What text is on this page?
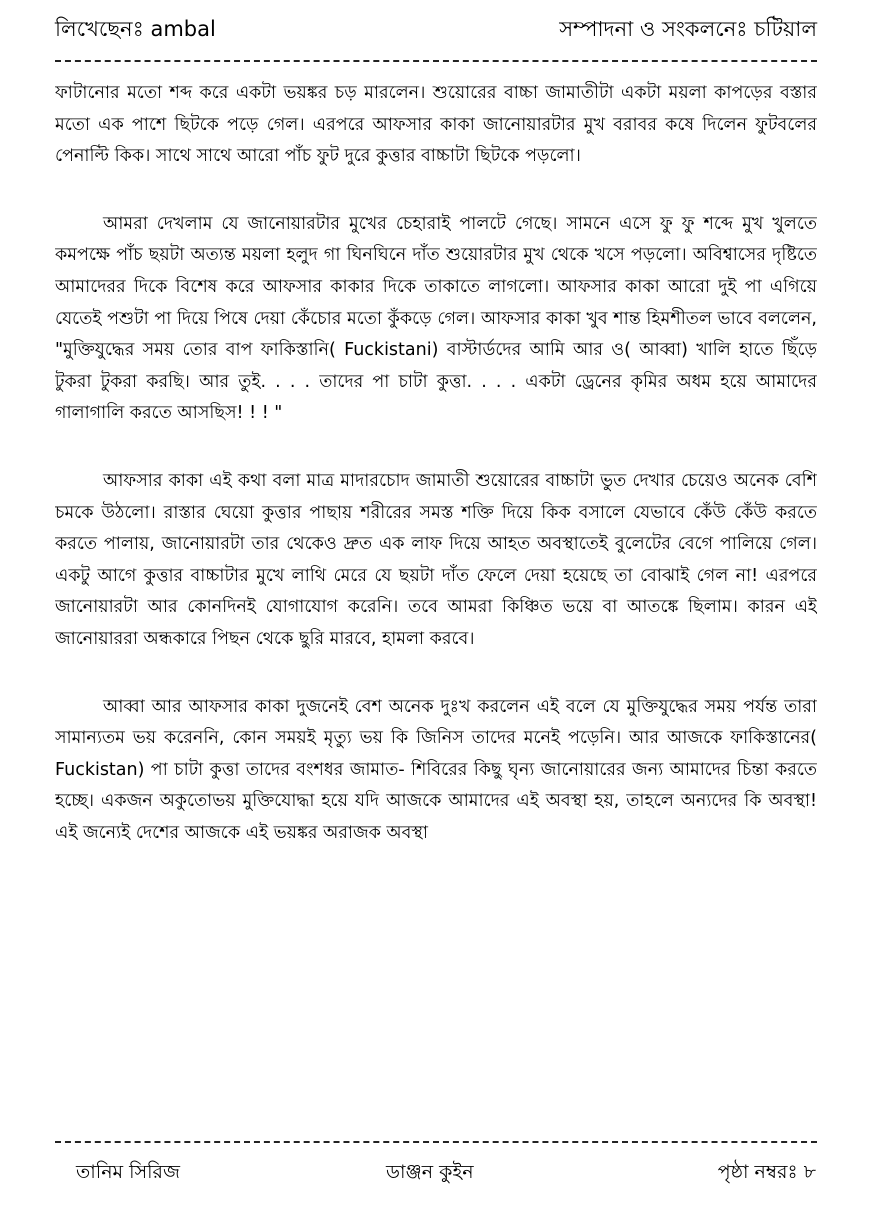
লিখেছেনঃ ambal	সম্পাদনা ও সংকলনেঃ চটিয়াল

ফাটানোর মতো শব্দ করে একটা ভয়ঙ্কর চড় মারলেন। শুয়োরের বাচ্চা জামাতীটা একটা ময়লা কাপড়ের বস্তার মতো এক পাশে ছিটকে পড়ে গেল। এরপরে আফসার কাকা জানোয়ারটার মুখ বরাবর কষে দিলেন ফুটবলের পেনাল্টি কিক। সাথে সাথে আরো পাঁচ ফুট দুরে কুত্তার বাচ্চাটা ছিটকে পড়লো।

আমরা দেখলাম যে জানোয়ারটার মুখের চেহারাই পালটে গেছে। সামনে এসে ফু ফু শব্দে মুখ খুলতে কমপক্ষে পাঁচ ছয়টা অত্যন্ত ময়লা হলুদ গা ঘিনঘিনে দাঁত শুয়োরটার মুখ থেকে খসে পড়লো। অবিশ্বাসের দৃষ্টিতে আমাদেরর দিকে বিশেষ করে আফসার কাকার দিকে তাকাতে লাগলো। আফসার কাকা আরো দুই পা এগিয়ে যেতেই পশুটা পা দিয়ে পিষে দেয়া কেঁচোর মতো কুঁকড়ে গেল। আফসার কাকা খুব শান্ত হিমশীতল ভাবে বললেন, "মুক্তিযুদ্ধের সময় তোর বাপ ফাকিস্তানি( Fuckistani) বাস্টার্ডদের আমি আর ও( আব্বা) খালি হাতে ছিঁড়ে টুকরা টুকরা করছি। আর তুই. . . . তাদের পা চাটা কুত্তা. . . . একটা ড্রেনের কৃমির অধম হয়ে আমাদের গালাগালি করতে আসছিস! ! ! "

আফসার কাকা এই কথা বলা মাত্র মাদারচোদ জামাতী শুয়োরের বাচ্চাটা ভুত দেখার চেয়েও অনেক বেশি চমকে উঠলো। রাস্তার ঘেয়ো কুত্তার পাছায় শরীরের সমস্ত শক্তি দিয়ে কিক বসালে যেভাবে কেঁউ কেঁউ করতে করতে পালায়, জানোয়ারটা তার থেকেও দ্রুত এক লাফ দিয়ে আহত অবস্থাতেই বুলেটের বেগে পালিয়ে গেল। একটু আগে কুত্তার বাচ্চাটার মুখে লাথি মেরে যে ছয়টা দাঁত ফেলে দেয়া হয়েছে তা বোঝাই গেল না! এরপরে জানোয়ারটা আর কোনদিনই যোগাযোগ করেনি। তবে আমরা কিঞ্চিত ভয়ে বা আতঙ্কে ছিলাম। কারন এই জানোয়াররা অন্ধকারে পিছন থেকে ছুরি মারবে, হামলা করবে।

আব্বা আর আফসার কাকা দুজনেই বেশ অনেক দুঃখ করলেন এই বলে যে মুক্তিযুদ্ধের সময় পর্যন্ত তারা সামান্যতম ভয় করেননি, কোন সময়ই মৃত্যু ভয় কি জিনিস তাদের মনেই পড়েনি। আর আজকে ফাকিস্তানের( Fuckistan) পা চাটা কুত্তা তাদের বংশধর জামাত- শিবিরের কিছু ঘৃন্য জানোয়ারের জন্য আমাদের চিন্তা করতে হচ্ছে। একজন অকুতোভয় মুক্তিযোদ্ধা হয়ে যদি আজকে আমাদের এই অবস্থা হয়, তাহলে অন্যদের কি অবস্থা! এই জন্যেই দেশের আজকে এই ভয়ঙ্কর অরাজক অবস্থা

তানিম সিরিজ	ডাঞ্জন কুইন	পৃষ্ঠা নম্বরঃ ৮
